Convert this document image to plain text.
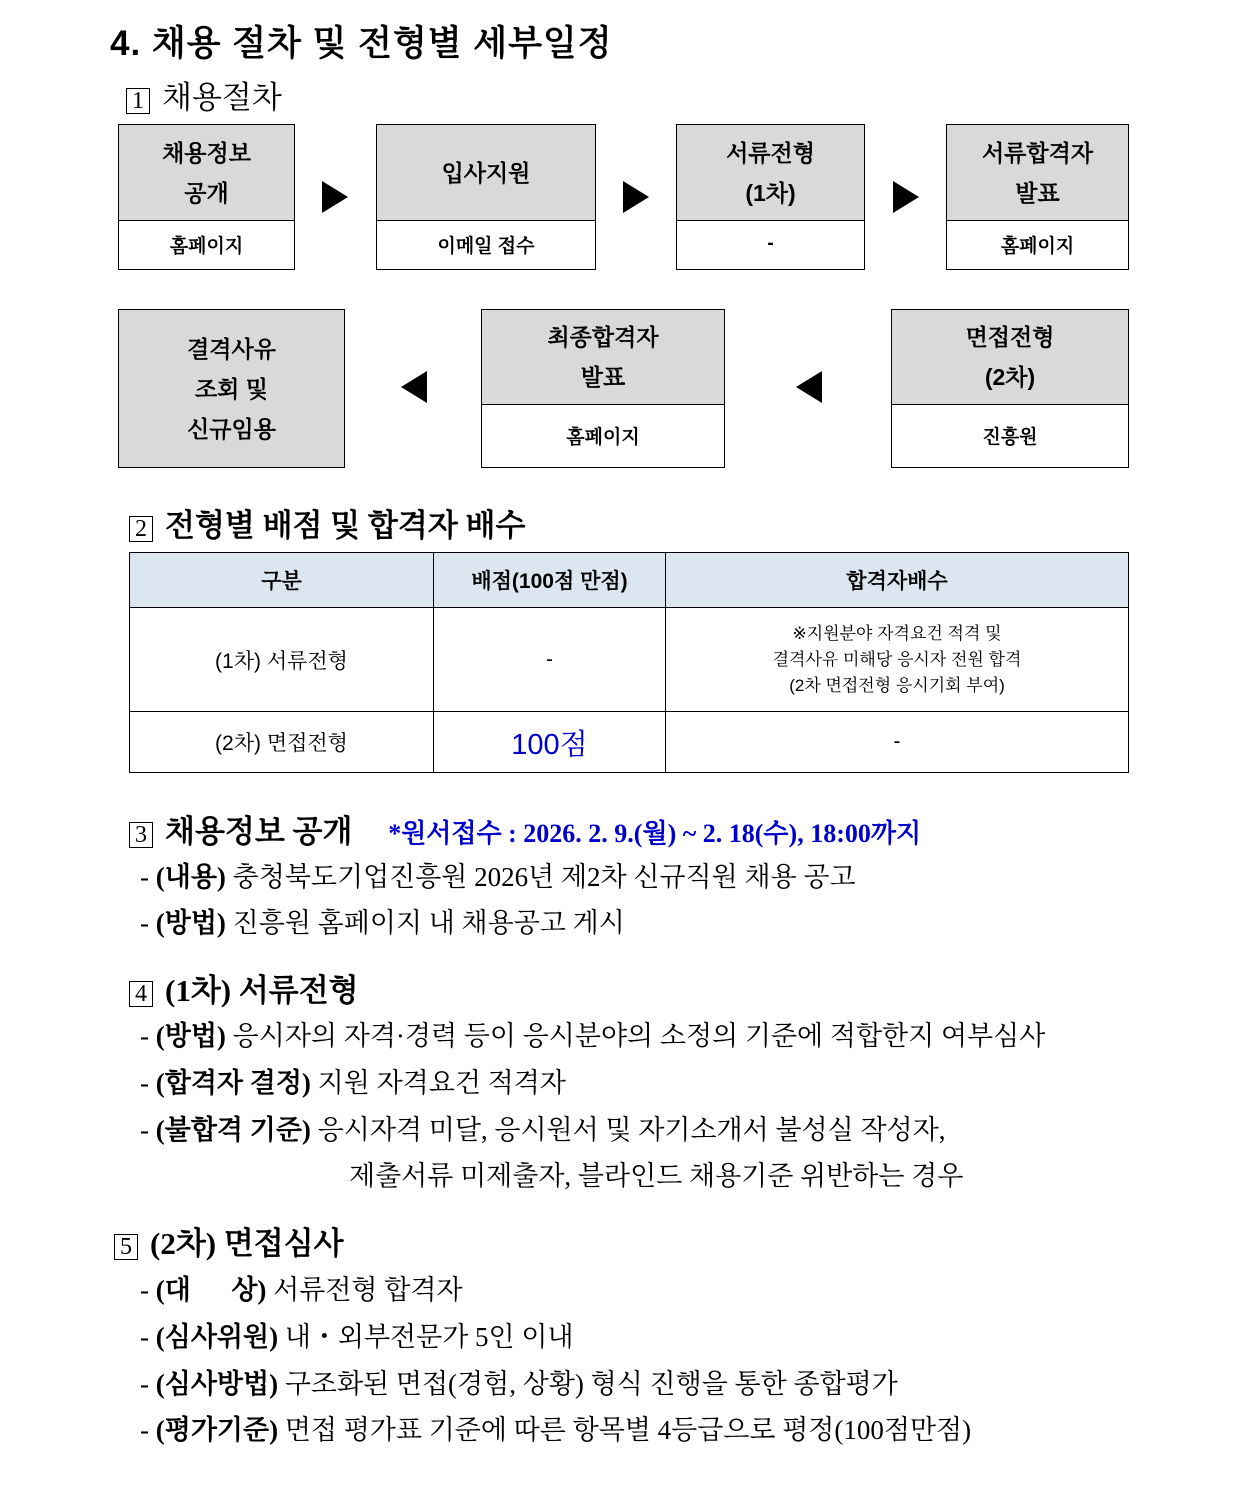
4. 채용 절차 및 전형별 세부일정
1 채용절차
채용정보
공개
홈페이지
입사지원
이메일 접수
서류전형
(1차)
-
서류합격자
발표
홈페이지
결격사유
조회 및
신규임용
최종합격자
발표
홈페이지
면접전형
(2차)
진흥원
2 전형별 배점 및 합격자 배수
구분	배점(100점 만점)	합격자배수
(1차) 서류전형	-	※지원분야 자격요건 적격 및
결격사유 미해당 응시자 전원 합격
(2차 면접전형 응시기회 부여)
(2차) 면접전형	100점	-
3 채용정보 공개 *원서접수 : 2026. 2. 9.(월) ~ 2. 18(수), 18:00까지
- (내용) 충청북도기업진흥원 2026년 제2차 신규직원 채용 공고
- (방법) 진흥원 홈페이지 내 채용공고 게시
4 (1차) 서류전형
- (방법) 응시자의 자격·경력 등이 응시분야의 소정의 기준에 적합한지 여부심사
- (합격자 결정) 지원 자격요건 적격자
- (불합격 기준) 응시자격 미달, 응시원서 및 자기소개서 불성실 작성자,
제출서류 미제출자, 블라인드 채용기준 위반하는 경우
5 (2차) 면접심사
- (대      상) 서류전형 합격자
- (심사위원) 내・외부전문가 5인 이내
- (심사방법) 구조화된 면접(경험, 상황) 형식 진행을 통한 종합평가
- (평가기준) 면접 평가표 기준에 따른 항목별 4등급으로 평정(100점만점)
